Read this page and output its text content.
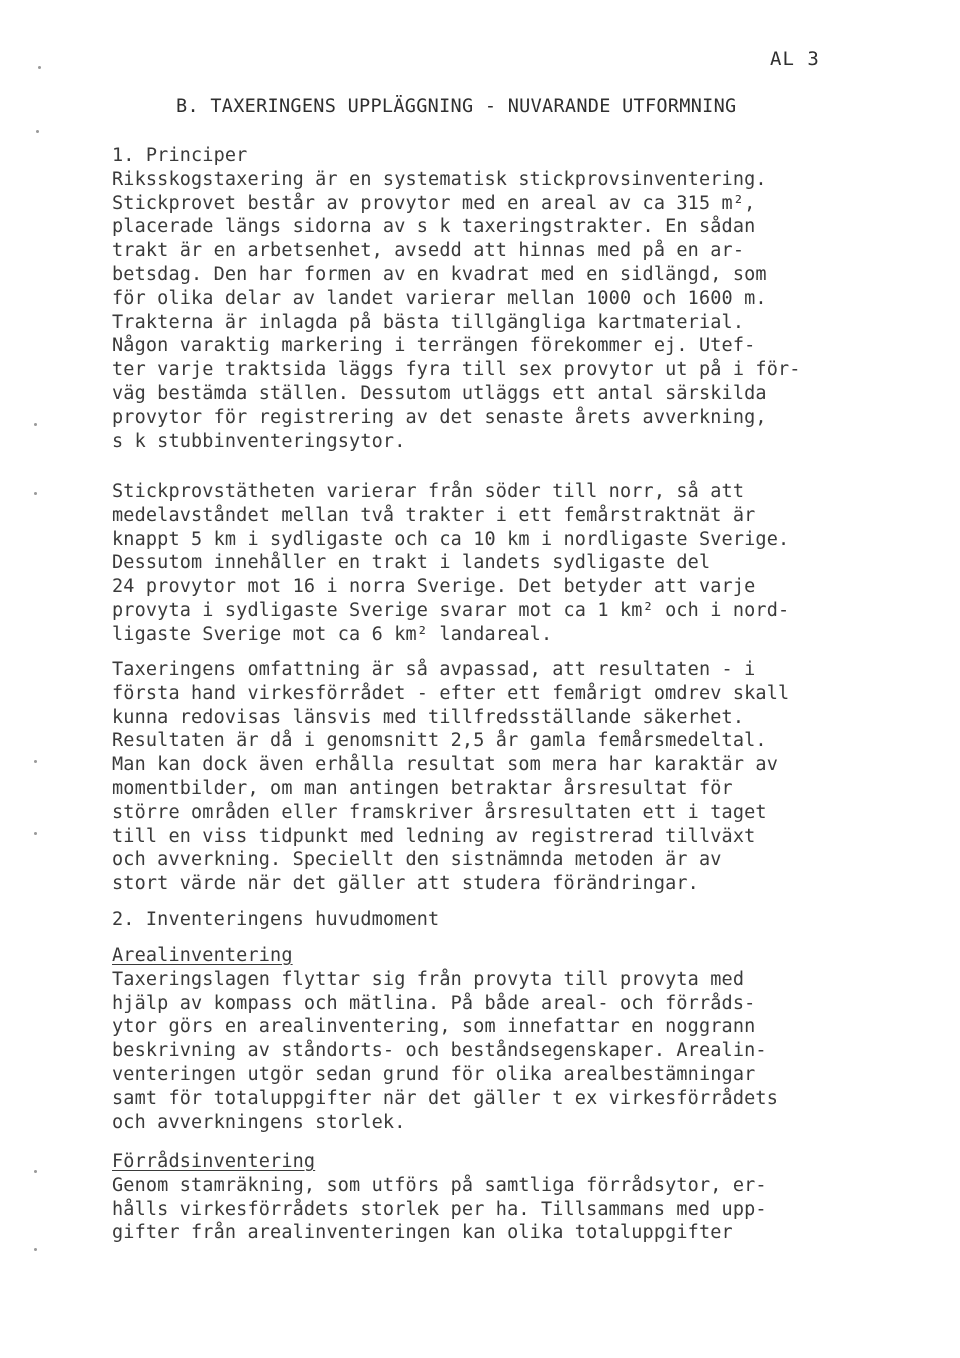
AL 3
B. TAXERINGENS UPPLÄGGNING - NUVARANDE UTFORMNING
1. Principer
Riksskogstaxering är en systematisk stickprovsinventering.
Stickprovet består av provytor med en areal av ca 315 m²,
placerade längs sidorna av s k taxeringstrakter. En sådan
trakt är en arbetsenhet, avsedd att hinnas med på en ar-
betsdag. Den har formen av en kvadrat med en sidlängd, som
för olika delar av landet varierar mellan 1000 och 1600 m.
Trakterna är inlagda på bästa tillgängliga kartmaterial.
Någon varaktig markering i terrängen förekommer ej. Utef-
ter varje traktsida läggs fyra till sex provytor ut på i för-
väg bestämda ställen. Dessutom utläggs ett antal särskilda
provytor för registrering av det senaste årets avverkning,
s k stubbinventeringsytor.
Stickprovstätheten varierar från söder till norr, så att
medelavståndet mellan två trakter i ett femårstraktnät är
knappt 5 km i sydligaste och ca 10 km i nordligaste Sverige.
Dessutom innehåller en trakt i landets sydligaste del
24 provytor mot 16 i norra Sverige. Det betyder att varje
provyta i sydligaste Sverige svarar mot ca 1 km² och i nord-
ligaste Sverige mot ca 6 km² landareal.
Taxeringens omfattning är så avpassad, att resultaten - i
första hand virkesförrådet - efter ett femårigt omdrev skall
kunna redovisas länsvis med tillfredsställande säkerhet.
Resultaten är då i genomsnitt 2,5 år gamla femårsmedeltal.
Man kan dock även erhålla resultat som mera har karaktär av
momentbilder, om man antingen betraktar årsresultat för
större områden eller framskriver årsresultaten ett i taget
till en viss tidpunkt med ledning av registrerad tillväxt
och avverkning. Speciellt den sistnämnda metoden är av
stort värde när det gäller att studera förändringar.
2. Inventeringens huvudmoment
Arealinventering
Taxeringslagen flyttar sig från provyta till provyta med
hjälp av kompass och mätlina. På både areal- och förråds-
ytor görs en arealinventering, som innefattar en noggrann
beskrivning av ståndorts- och beståndsegenskaper. Arealin-
venteringen utgör sedan grund för olika arealbestämningar
samt för totaluppgifter när det gäller t ex virkesförrådets
och avverkningens storlek.
Förrådsinventering
Genom stamräkning, som utförs på samtliga förrådsytor, er-
hålls virkesförrådets storlek per ha. Tillsammans med upp-
gifter från arealinventeringen kan olika totaluppgifter
